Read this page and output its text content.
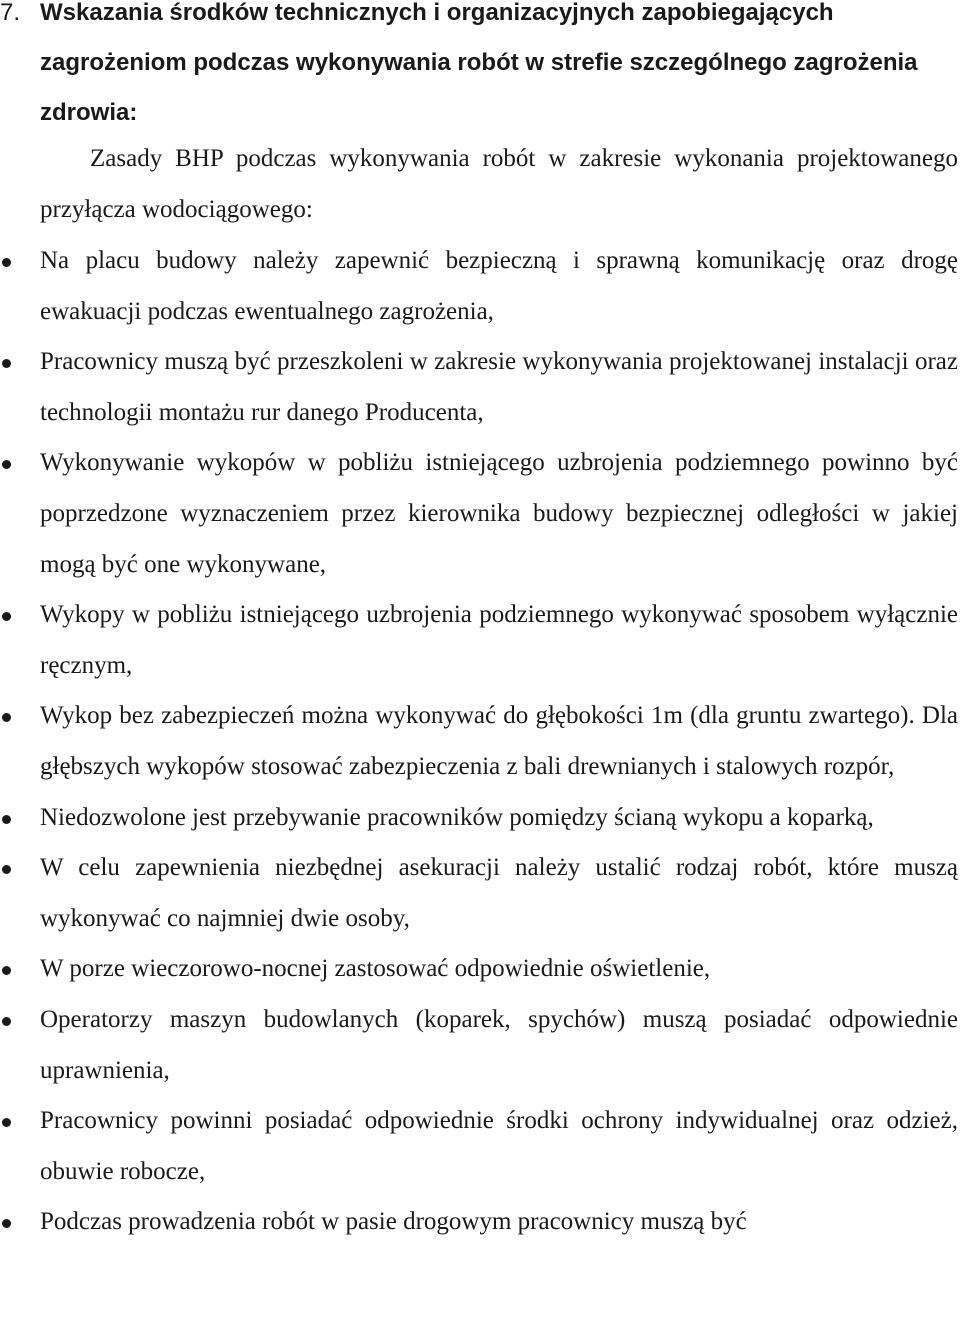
7. Wskazania środków technicznych i organizacyjnych zapobiegających zagrożeniom podczas wykonywania robót w strefie szczególnego zagrożenia zdrowia:
Zasady BHP podczas wykonywania robót w zakresie wykonania projektowanego przyłącza wodociągowego:
Na placu budowy należy zapewnić bezpieczną i sprawną komunikację oraz drogę ewakuacji podczas ewentualnego zagrożenia,
Pracownicy muszą być przeszkoleni w zakresie wykonywania projektowanej instalacji oraz technologii montażu rur danego Producenta,
Wykonywanie wykopów w pobliżu istniejącego uzbrojenia podziemnego powinno być poprzedzone wyznaczeniem przez kierownika budowy bezpiecznej odległości w jakiej mogą być one wykonywane,
Wykopy w pobliżu istniejącego uzbrojenia podziemnego wykonywać sposobem wyłącznie ręcznym,
Wykop bez zabezpieczeń można wykonywać do głębokości 1m (dla gruntu zwartego). Dla głębszych wykopów stosować zabezpieczenia z bali drewnianych i stalowych rozpór,
Niedozwolone jest przebywanie pracowników pomiędzy ścianą wykopu a koparką,
W celu zapewnienia niezbędnej asekuracji należy ustalić rodzaj robót, które muszą wykonywać co najmniej dwie osoby,
W porze wieczorowo-nocnej zastosować odpowiednie oświetlenie,
Operatorzy maszyn budowlanych (koparek, spychów) muszą posiadać odpowiednie uprawnienia,
Pracownicy powinni posiadać odpowiednie środki ochrony indywidualnej oraz odzież, obuwie robocze,
Podczas prowadzenia robót w pasie drogowym pracownicy muszą być
